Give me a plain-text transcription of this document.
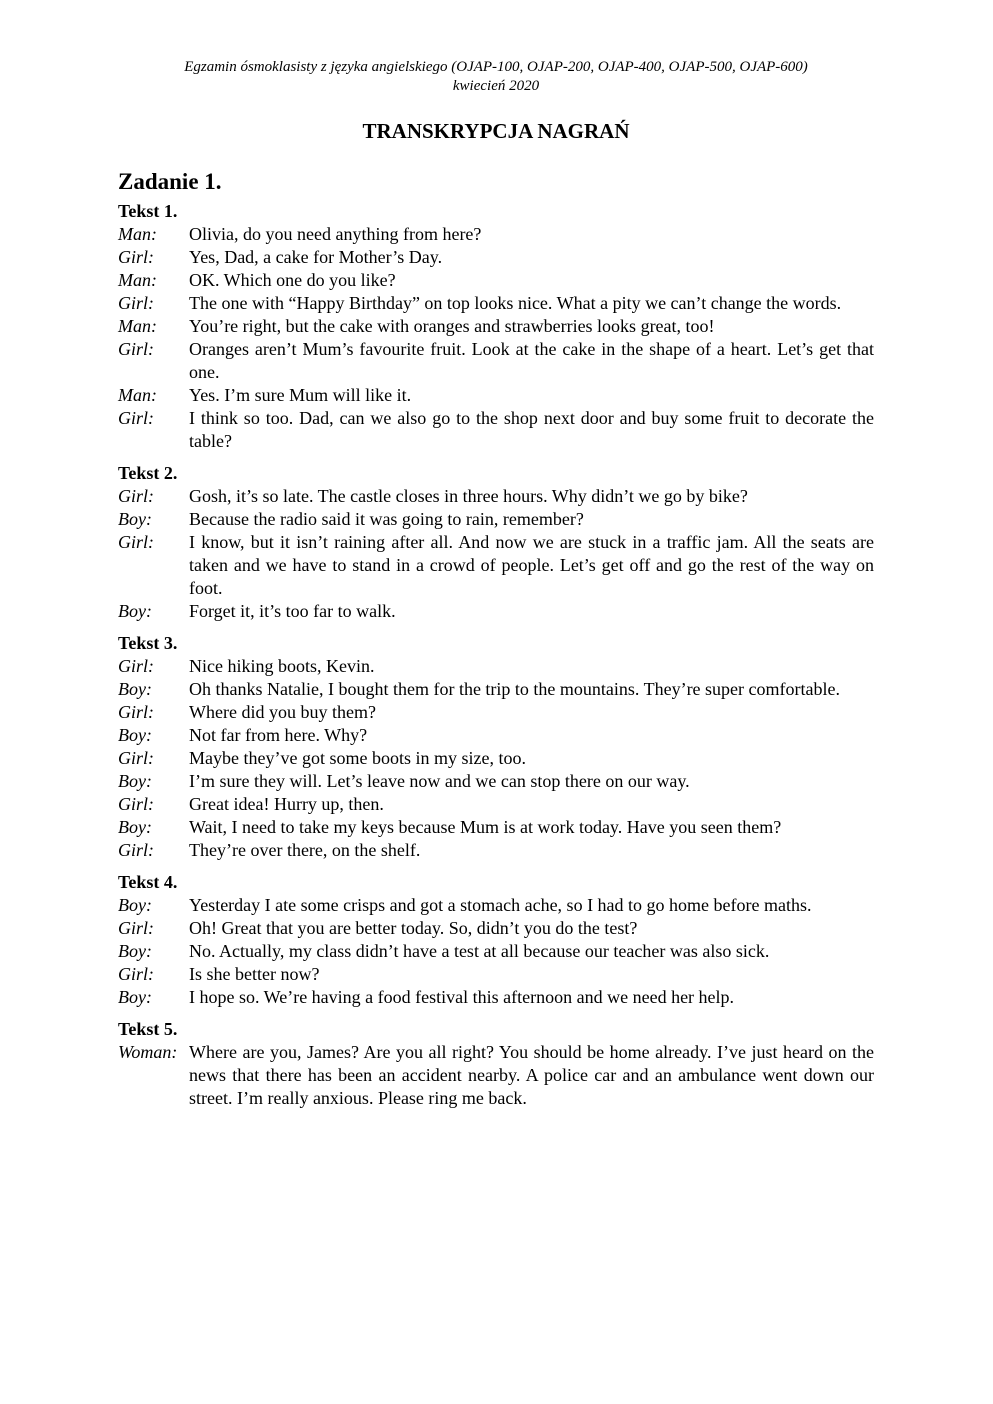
Egzamin ósmoklasisty z języka angielskiego (OJAP-100, OJAP-200, OJAP-400, OJAP-500, OJAP-600)
kwiecień 2020
TRANSKRYPCJA NAGRAŃ
Zadanie 1.
Tekst 1.
Man:	Olivia, do you need anything from here?
Girl:	Yes, Dad, a cake for Mother’s Day.
Man:	OK. Which one do you like?
Girl:	The one with “Happy Birthday” on top looks nice. What a pity we can’t change the words.
Man:	You’re right, but the cake with oranges and strawberries looks great, too!
Girl:	Oranges aren’t Mum’s favourite fruit. Look at the cake in the shape of a heart. Let’s get that one.
Man:	Yes. I’m sure Mum will like it.
Girl:	I think so too. Dad, can we also go to the shop next door and buy some fruit to decorate the table?
Tekst 2.
Girl:	Gosh, it’s so late. The castle closes in three hours. Why didn’t we go by bike?
Boy:	Because the radio said it was going to rain, remember?
Girl:	I know, but it isn’t raining after all. And now we are stuck in a traffic jam. All the seats are taken and we have to stand in a crowd of people. Let’s get off and go the rest of the way on foot.
Boy:	Forget it, it’s too far to walk.
Tekst 3.
Girl:	Nice hiking boots, Kevin.
Boy:	Oh thanks Natalie, I bought them for the trip to the mountains. They’re super comfortable.
Girl:	Where did you buy them?
Boy:	Not far from here. Why?
Girl:	Maybe they’ve got some boots in my size, too.
Boy:	I’m sure they will. Let’s leave now and we can stop there on our way.
Girl:	Great idea! Hurry up, then.
Boy:	Wait, I need to take my keys because Mum is at work today. Have you seen them?
Girl:	They’re over there, on the shelf.
Tekst 4.
Boy:	Yesterday I ate some crisps and got a stomach ache, so I had to go home before maths.
Girl:	Oh! Great that you are better today. So, didn’t you do the test?
Boy:	No. Actually, my class didn’t have a test at all because our teacher was also sick.
Girl:	Is she better now?
Boy:	I hope so. We’re having a food festival this afternoon and we need her help.
Tekst 5.
Woman: Where are you, James? Are you all right? You should be home already. I’ve just heard on the news that there has been an accident nearby. A police car and an ambulance went down our street. I’m really anxious. Please ring me back.
